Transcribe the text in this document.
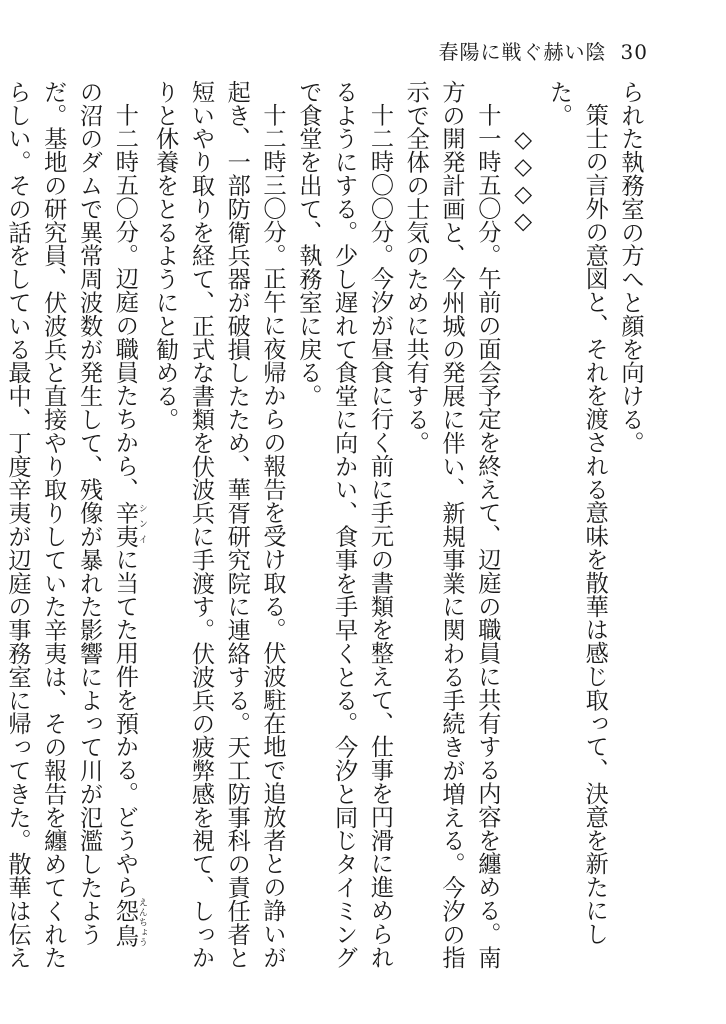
春陽に戦ぐ赫い陰 30

られた執務室の方へと顔を向ける。

策士の言外の意図と、それを渡される意味を散華は感じ取って、決意を新たにした。

◇◇◇◇

十一時五〇分。午前の面会予定を終えて、辺庭の職員に共有する内容を纏める。南方の開発計画と、今州城の発展に伴い、新規事業に関わる手続きが増える。今汐の指示で全体の士気のために共有する。

十二時〇〇分。今汐が昼食に行く前に手元の書類を整えて、仕事を円滑に進められるようにする。少し遅れて食堂に向かい、食事を手早くとる。今汐と同じタイミングで食堂を出て、執務室に戻る。

十二時三〇分。正午に夜帰からの報告を受け取る。伏波駐在地で追放者との諍いが起き、一部防衛兵器が破損したため、華胥研究院に連絡する。天工防事科の責任者と短いやり取りを経て、正式な書類を伏波兵に手渡す。伏波兵の疲弊感を視て、しっかりと休養をとるようにと勧める。

十二時五〇分。辺庭の職員たちから、辛夷シンイに当てた用件を預かる。どうやら怨鳥えんちょうの沼のダムで異常周波数が発生して、残像が暴れた影響によって川が氾濫したようだ。基地の研究員、伏波兵と直接やり取りしていた辛夷は、その報告を纏めてくれたらしい。その話をしている最中、丁度辛夷が辺庭の事務室に帰ってきた。散華は伝え
